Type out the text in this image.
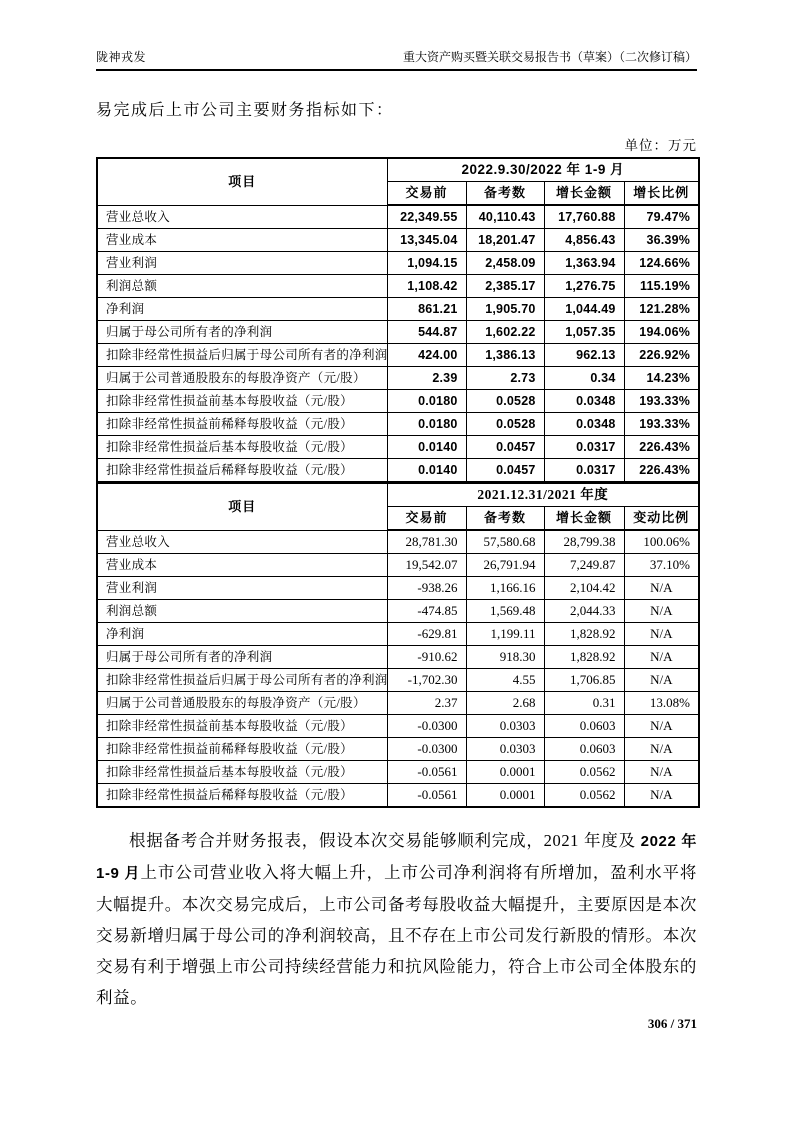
陇神戎发	重大资产购买暨关联交易报告书（草案）（二次修订稿）

易完成后上市公司主要财务指标如下：

单位：万元
项目	2022.9.30/2022 年 1-9 月			
	交易前	备考数	增长金额	增长比例
营业总收入	22,349.55	40,110.43	17,760.88	79.47%
营业成本	13,345.04	18,201.47	4,856.43	36.39%
营业利润	1,094.15	2,458.09	1,363.94	124.66%
利润总额	1,108.42	2,385.17	1,276.75	115.19%
净利润	861.21	1,905.70	1,044.49	121.28%
归属于母公司所有者的净利润	544.87	1,602.22	1,057.35	194.06%
扣除非经常性损益后归属于母公司所有者的净利润	424.00	1,386.13	962.13	226.92%
归属于公司普通股股东的每股净资产（元/股）	2.39	2.73	0.34	14.23%
扣除非经常性损益前基本每股收益（元/股）	0.0180	0.0528	0.0348	193.33%
扣除非经常性损益前稀释每股收益（元/股）	0.0180	0.0528	0.0348	193.33%
扣除非经常性损益后基本每股收益（元/股）	0.0140	0.0457	0.0317	226.43%
扣除非经常性损益后稀释每股收益（元/股）	0.0140	0.0457	0.0317	226.43%
项目	2021.12.31/2021 年度			
	交易前	备考数	增长金额	变动比例
营业总收入	28,781.30	57,580.68	28,799.38	100.06%
营业成本	19,542.07	26,791.94	7,249.87	37.10%
营业利润	-938.26	1,166.16	2,104.42	N/A
利润总额	-474.85	1,569.48	2,044.33	N/A
净利润	-629.81	1,199.11	1,828.92	N/A
归属于母公司所有者的净利润	-910.62	918.30	1,828.92	N/A
扣除非经常性损益后归属于母公司所有者的净利润	-1,702.30	4.55	1,706.85	N/A
归属于公司普通股股东的每股净资产（元/股）	2.37	2.68	0.31	13.08%
扣除非经常性损益前基本每股收益（元/股）	-0.0300	0.0303	0.0603	N/A
扣除非经常性损益前稀释每股收益（元/股）	-0.0300	0.0303	0.0603	N/A
扣除非经常性损益后基本每股收益（元/股）	-0.0561	0.0001	0.0562	N/A
扣除非经常性损益后稀释每股收益（元/股）	-0.0561	0.0001	0.0562	N/A

根据备考合并财务报表，假设本次交易能够顺利完成，2021 年度及 2022 年 1-9 月上市公司营业收入将大幅上升，上市公司净利润将有所增加，盈利水平将大幅提升。本次交易完成后，上市公司备考每股收益大幅提升，主要原因是本次交易新增归属于母公司的净利润较高，且不存在上市公司发行新股的情形。本次交易有利于增强上市公司持续经营能力和抗风险能力，符合上市公司全体股东的利益。

306 / 371
